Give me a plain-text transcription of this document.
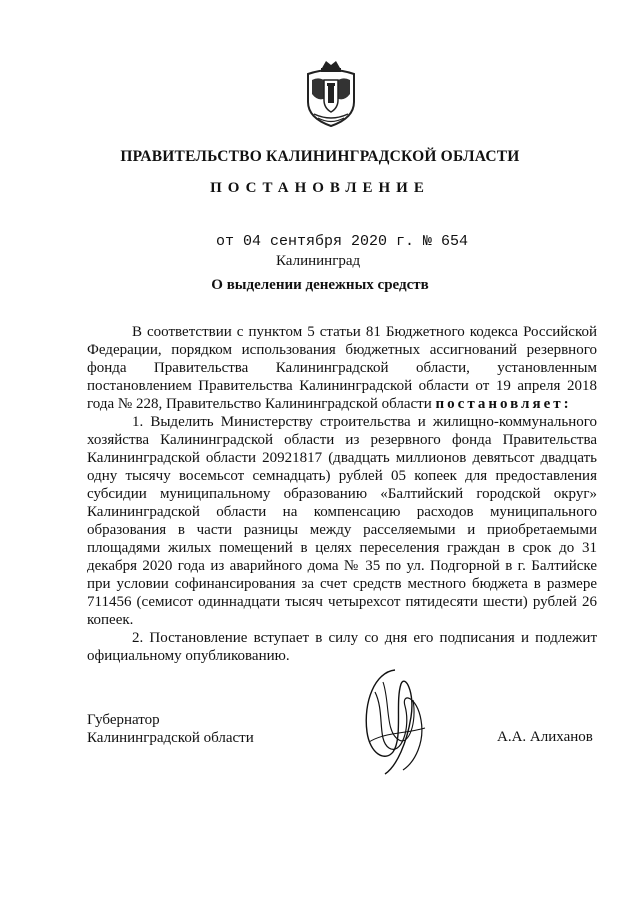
ПРАВИТЕЛЬСТВО КАЛИНИНГРАДСКОЙ ОБЛАСТИ
ПОСТАНОВЛЕНИЕ
от 04 сентября 2020 г. № 654
Калининград
О выделении денежных средств

В соответствии с пунктом 5 статьи 81 Бюджетного кодекса Российской Федерации, порядком использования бюджетных ассигнований резервного фонда Правительства Калининградской области, установленным постановлением Правительства Калининградской области от 19 апреля 2018 года № 228, Правительство Калининградской области постановляет:

1. Выделить Министерству строительства и жилищно-коммунального хозяйства Калининградской области из резервного фонда Правительства Калининградской области 20921817 (двадцать миллионов девятьсот двадцать одну тысячу восемьсот семнадцать) рублей 05 копеек для предоставления субсидии муниципальному образованию «Балтийский городской округ» Калининградской области на компенсацию расходов муниципального образования в части разницы между расселяемыми и приобретаемыми площадями жилых помещений в целях переселения граждан в срок до 31 декабря 2020 года из аварийного дома № 35 по ул. Подгорной в г. Балтийске при условии софинансирования за счет средств местного бюджета в размере 711456 (семисот одиннадцати тысяч четырехсот пятидесяти шести) рублей 26 копеек.

2. Постановление вступает в силу со дня его подписания и подлежит официальному опубликованию.

Губернатор
Калининградской области	А.А. Алиханов
